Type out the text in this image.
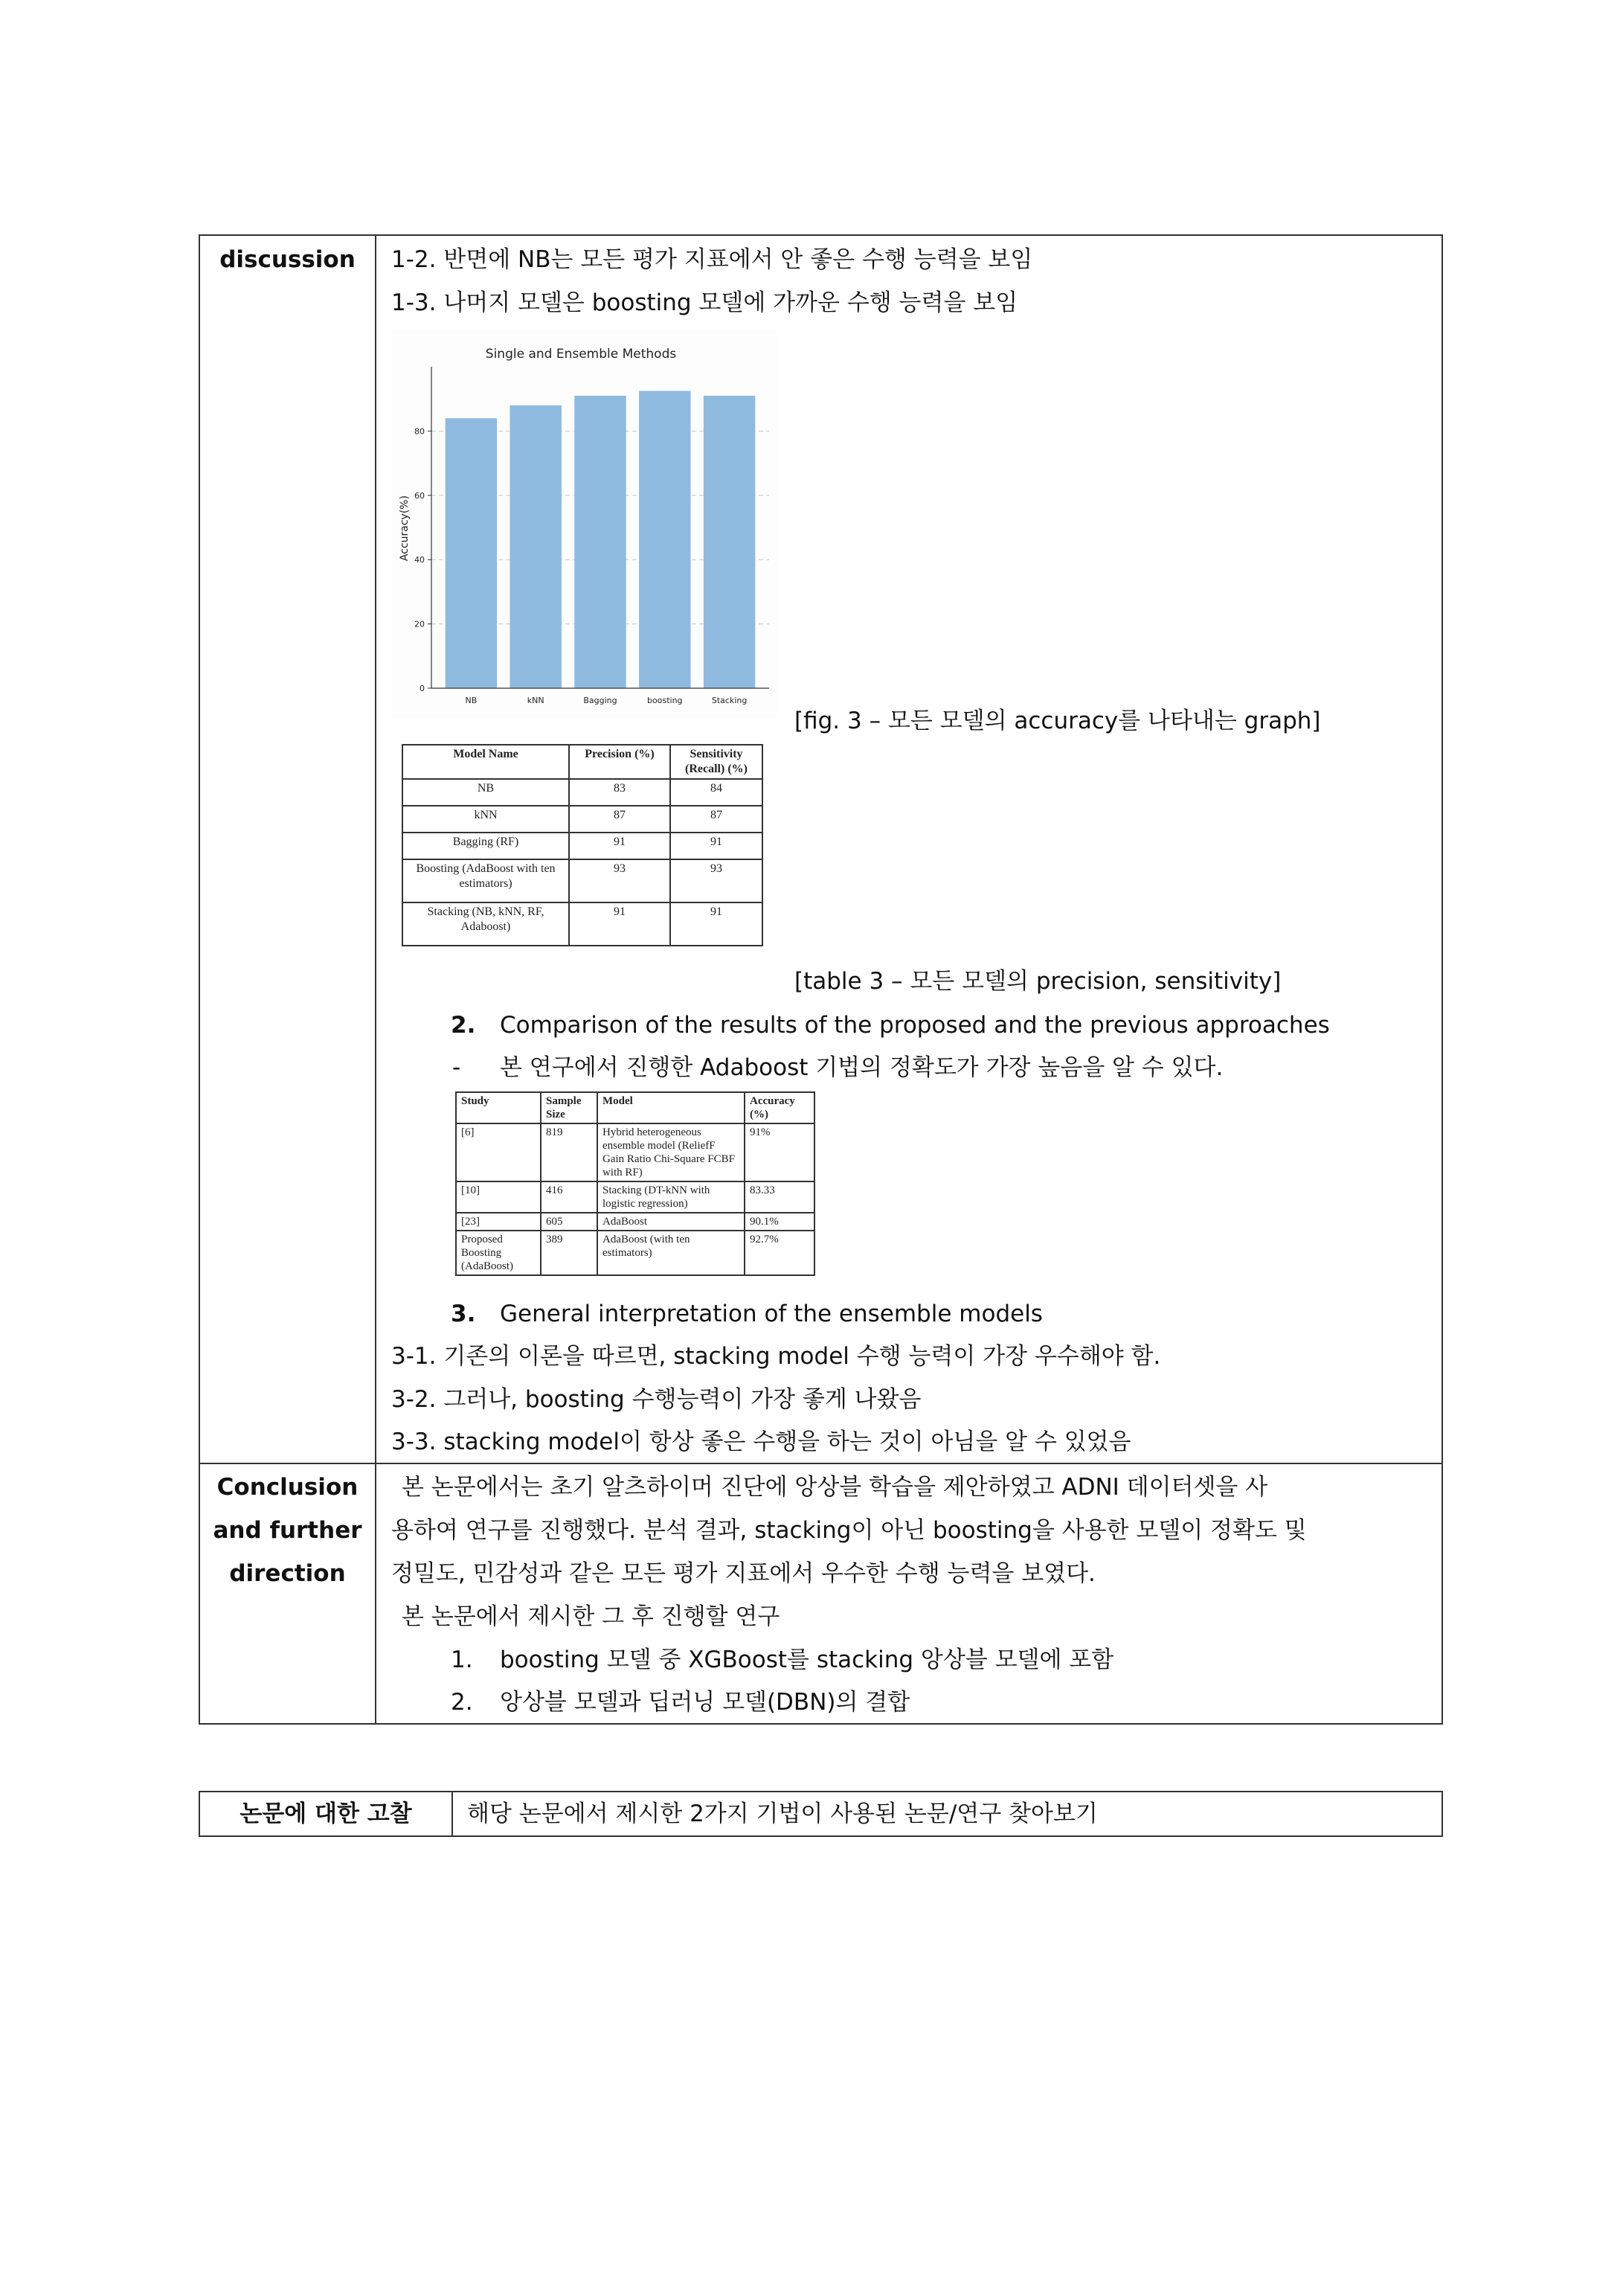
discussion	1-2. 반면에 NB는 모든 평가 지표에서 안 좋은 수행 능력을 보임
1-3. 나머지 모델은 boosting 모델에 가까운 수행 능력을 보임
Single and Ensemble Methods
Accuracy(%)
0
20
40
60
80
NB	kNN	Bagging	boosting	Stacking
[fig. 3 – 모든 모델의 accuracy를 나타내는 graph]
Model Name	Precision (%)	Sensitivity (Recall) (%)
NB	83	84
kNN	87	87
Bagging (RF)	91	91
Boosting (AdaBoost with ten estimators)	93	93
Stacking (NB, kNN, RF, Adaboost)	91	91
[table 3 – 모든 모델의 precision, sensitivity]
2. Comparison of the results of the proposed and the previous approaches
- 본 연구에서 진행한 Adaboost 기법의 정확도가 가장 높음을 알 수 있다.
Study	Sample Size	Model	Accuracy (%)
[6]	819	Hybrid heterogeneous ensemble model (ReliefF Gain Ratio Chi-Square FCBF with RF)	91%
[10]	416	Stacking (DT-kNN with logistic regression)	83.33
[23]	605	AdaBoost	90.1%
Proposed Boosting (AdaBoost)	389	AdaBoost (with ten estimators)	92.7%
3. General interpretation of the ensemble models
3-1. 기존의 이론을 따르면, stacking model 수행 능력이 가장 우수해야 함.
3-2. 그러나, boosting 수행능력이 가장 좋게 나왔음
3-3. stacking model이 항상 좋은 수행을 하는 것이 아님을 알 수 있었음
Conclusion
and further
direction
본 논문에서는 초기 알츠하이머 진단에 앙상블 학습을 제안하였고 ADNI 데이터셋을 사
용하여 연구를 진행했다. 분석 결과, stacking이 아닌 boosting을 사용한 모델이 정확도 및
정밀도, 민감성과 같은 모든 평가 지표에서 우수한 수행 능력을 보였다.
본 논문에서 제시한 그 후 진행할 연구
1. boosting 모델 중 XGBoost를 stacking 앙상블 모델에 포함
2. 앙상블 모델과 딥러닝 모델(DBN)의 결합
논문에 대한 고찰	해당 논문에서 제시한 2가지 기법이 사용된 논문/연구 찾아보기
